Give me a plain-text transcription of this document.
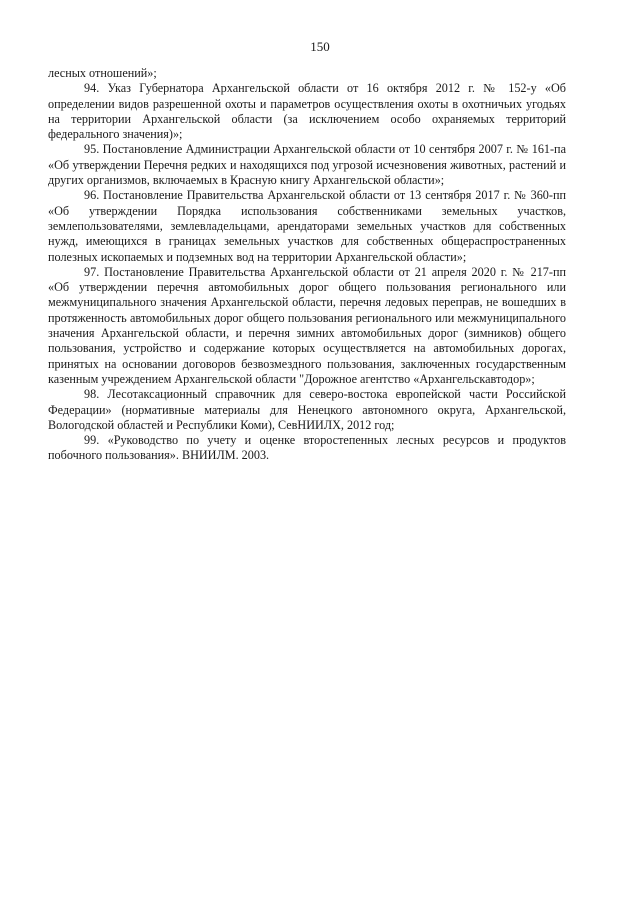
150

лесных отношений»;

94. Указ Губернатора Архангельской области от 16 октября 2012 г. № 152-у «Об определении видов разрешенной охоты и параметров осуществления охоты в охотничьих угодьях на территории Архангельской области (за исключением особо охраняемых территорий федерального значения)»;

95. Постановление Администрации Архангельской области от 10 сентября 2007 г. № 161-па «Об утверждении Перечня редких и находящихся под угрозой исчезновения животных, растений и других организмов, включаемых в Красную книгу Архангельской области»;

96. Постановление Правительства Архангельской области от 13 сентября 2017 г. № 360-пп «Об утверждении Порядка использования собственниками земельных участков, землепользователями, землевладельцами, арендаторами земельных участков для собственных нужд, имеющихся в границах земельных участков для собственных общераспространенных полезных ископаемых и подземных вод на территории Архангельской области»;

97. Постановление Правительства Архангельской области от 21 апреля 2020 г. № 217-пп «Об утверждении перечня автомобильных дорог общего пользования регионального или межмуниципального значения Архангельской области, перечня ледовых переправ, не вошедших в протяженность автомобильных дорог общего пользования регионального или межмуниципального значения Архангельской области, и перечня зимних автомобильных дорог (зимников) общего пользования, устройство и содержание которых осуществляется на автомобильных дорогах, принятых на основании договоров безвозмездного пользования, заключенных государственным казенным учреждением Архангельской области "Дорожное агентство «Архангельскавтодор»;

98. Лесотаксационный справочник для северо-востока европейской части Российской Федерации» (нормативные материалы для Ненецкого автономного округа, Архангельской, Вологодской областей и Республики Коми), СевНИИЛХ, 2012 год;

99. «Руководство по учету и оценке второстепенных лесных ресурсов и продуктов побочного пользования». ВНИИЛМ. 2003.
